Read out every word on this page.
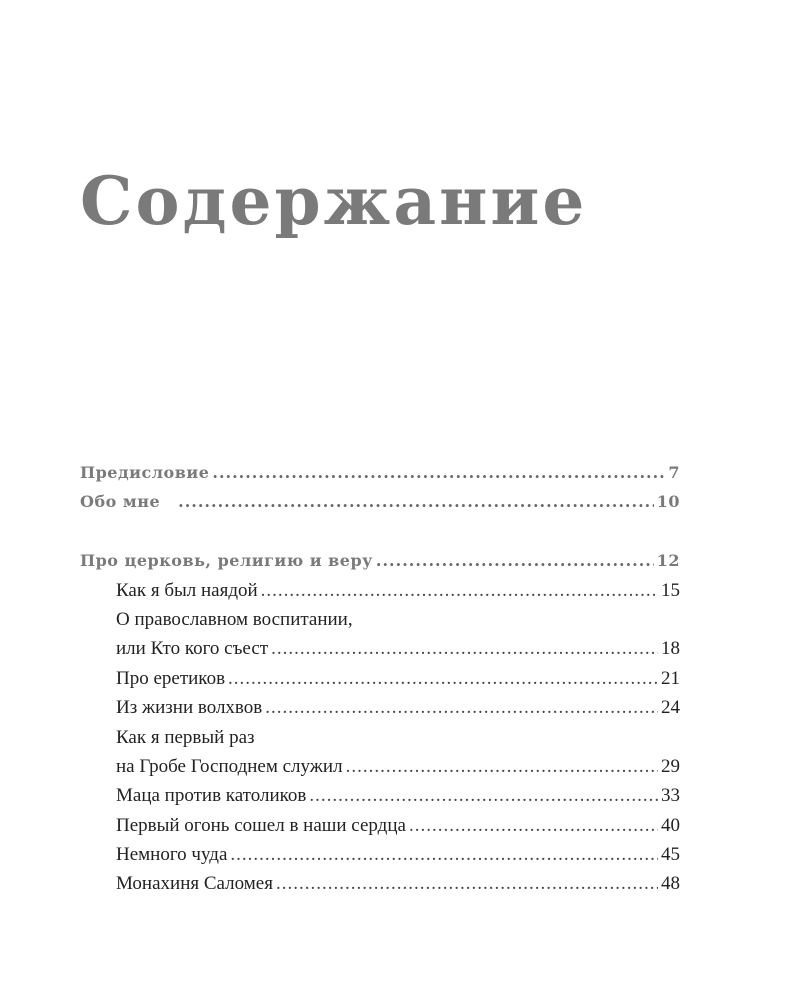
Содержание
Предисловие .....	7
Обо мне .....	10
Про церковь, религию и веру .....	12
Как я был наядой .....	15
О православном воспитании,
или Кто кого съест .....	18
Про еретиков .....	21
Из жизни волхвов .....	24
Как я первый раз
на Гробе Господнем служил .....	29
Маца против католиков .....	33
Первый огонь сошел в наши сердца .....	40
Немного чуда .....	45
Монахиня Саломея .....	48
